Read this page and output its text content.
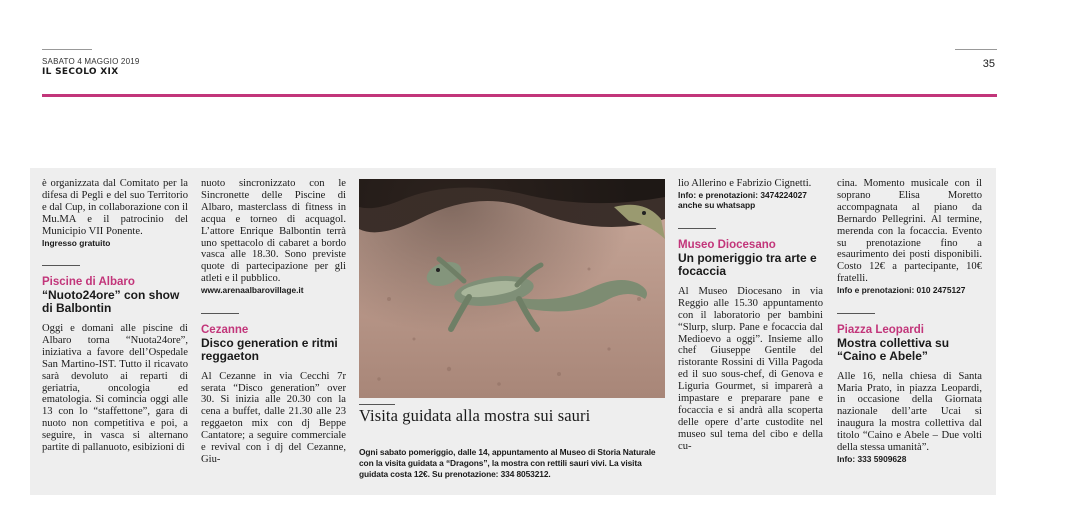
SABATO 4 MAGGIO 2019
IL SECOLO XIX
35

è organizzata dal Comitato per la difesa di Pegli e del suo Territorio e dal Cup, in collaborazione con il Mu.MA e il patrocinio del Municipio VII Ponente.

Ingresso gratuito
Piscine di Albaro
“Nuoto24ore” con show di Balbontin

Oggi e domani alle piscine di Albaro torna “Nuota24ore”, iniziativa a favore dell’Ospedale San Martino-IST. Tutto il ricavato sarà devoluto ai reparti di geriatria, oncologia ed ematologia. Si comincia oggi alle 13 con lo “staffettone”, gara di nuoto non competitiva e poi, a seguire, in vasca si alternano partite di pallanuoto, esibizioni di

nuoto sincronizzato con le Sincronette delle Piscine di Albaro, masterclass di fitness in acqua e torneo di acquagol. L’attore Enrique Balbontin terrà uno spettacolo di cabaret a bordo vasca alle 18.30. Sono previste quote di partecipazione per gli atleti e il pubblico.

www.arenaalbarovillage.it
Cezanne
Disco generation e ritmi reggaeton

Al Cezanne in via Cecchi 7r serata “Disco generation” over 30. Si inizia alle 20.30 con la cena a buffet, dalle 21.30 alle 23 reggaeton mix con dj Beppe Cantatore; a seguire commerciale e revival con i dj del Cezanne, Giu-

Visita guidata alla mostra sui sauri
Ogni sabato pomeriggio, dalle 14, appuntamento al Museo di Storia Naturale con la visita guidata a “Dragons”, la mostra con rettili sauri vivi. La visita guidata costa 12€. Su prenotazione: 334 8053212.

lio Allerino e Fabrizio Cignetti.

Info: e prenotazioni: 3474224027 anche su whatsapp
Museo Diocesano
Un pomeriggio tra arte e focaccia

Al Museo Diocesano in via Reggio alle 15.30 appuntamento con il laboratorio per bambini “Slurp, slurp. Pane e focaccia dal Medioevo a oggi”. Insieme allo chef Giuseppe Gentile del ristorante Rossini di Villa Pagoda ed il suo sous-chef, di Genova e Liguria Gourmet, si imparerà a impastare e preparare pane e focaccia e si andrà alla scoperta delle opere d’arte custodite nel museo sul tema del cibo e della cu-

cina. Momento musicale con il soprano Elisa Moretto accompagnata al piano da Bernardo Pellegrini. Al termine, merenda con la focaccia. Evento su prenotazione fino a esaurimento dei posti disponibili. Costo 12€ a partecipante, 10€ fratelli.

Info e prenotazioni: 010 2475127
Piazza Leopardi
Mostra collettiva su “Caino e Abele”

Alle 16, nella chiesa di Santa Maria Prato, in piazza Leopardi, in occasione della Giornata nazionale dell’arte Ucai si inaugura la mostra collettiva dal titolo “Caino e Abele – Due volti della stessa umanità”.

Info: 333 5909628
